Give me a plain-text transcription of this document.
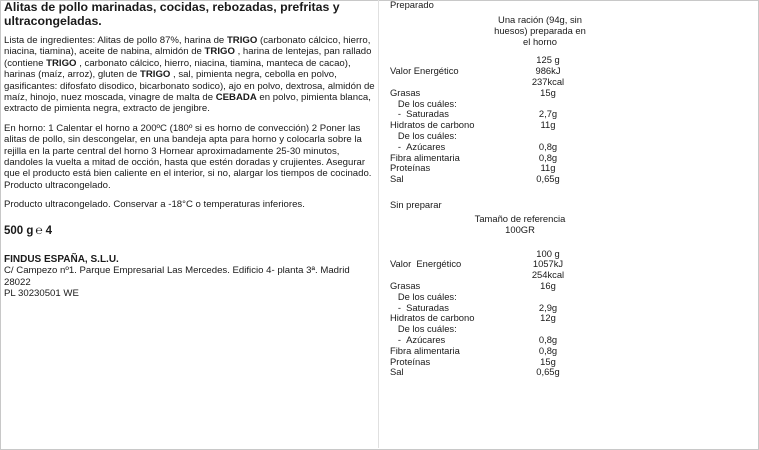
Alitas de pollo marinadas, cocidas, rebozadas, prefritas y ultracongeladas.
Lista de ingredientes: Alitas de pollo 87%, harina de TRIGO (carbonato cálcico, hierro, niacina, tiamina), aceite de nabina, almidón de TRIGO , harina de lentejas, pan rallado (contiene TRIGO , carbonato cálcico, hierro, niacina, tiamina, manteca de cacao), harinas (maíz, arroz), gluten de TRIGO , sal, pimienta negra, cebolla en polvo, gasificantes: difosfato disodico, bicarbonato sodico), ajo en polvo, dextrosa, almidón de maíz, hinojo, nuez moscada, vinagre de malta de CEBADA en polvo, pimienta blanca, extracto de pimienta negra, extracto de jengibre.
En horno: 1 Calentar el horno a 200ºC (180º si es horno de convección) 2 Poner las alitas de pollo, sin descongelar, en una bandeja apta para horno y colocarla sobre la rejilla en la parte central del horno 3 Hornear aproximadamente 25-30 minutos, dandoles la vuelta a mitad de occión, hasta que estén doradas y crujientes. Asegurar que el producto está bien caliente en el interior, si no, alargar los tiempos de cocinado.
Producto ultracongelado.
Producto ultracongelado. Conservar a -18°C o temperaturas inferiores.
500 g ℮ 4
FINDUS ESPAÑA, S.L.U.
C/ Campezo nº1. Parque Empresarial Las Mercedes. Edificio 4- planta 3ª. Madrid 28022
PL 30230501 WE
Preparado
Una ración (94g, sin huesos) preparada en el horno
125 g
Valor Energético	986kJ
237kcal
Grasas	15g
De los cuáles:
-  Saturadas	2,7g
Hidratos de carbono	11g
De los cuáles:
-  Azúcares	0,8g
Fibra alimentaria	0,8g
Proteínas	11g
Sal	0,65g
Sin preparar
Tamaño de referencia
100GR
100 g
Valor  Energético	1057kJ
254kcal
Grasas	16g
De los cuáles:
-  Saturadas	2,9g
Hidratos de carbono	12g
De los cuáles:
-  Azúcares	0,8g
Fibra alimentaria	0,8g
Proteínas	15g
Sal	0,65g
